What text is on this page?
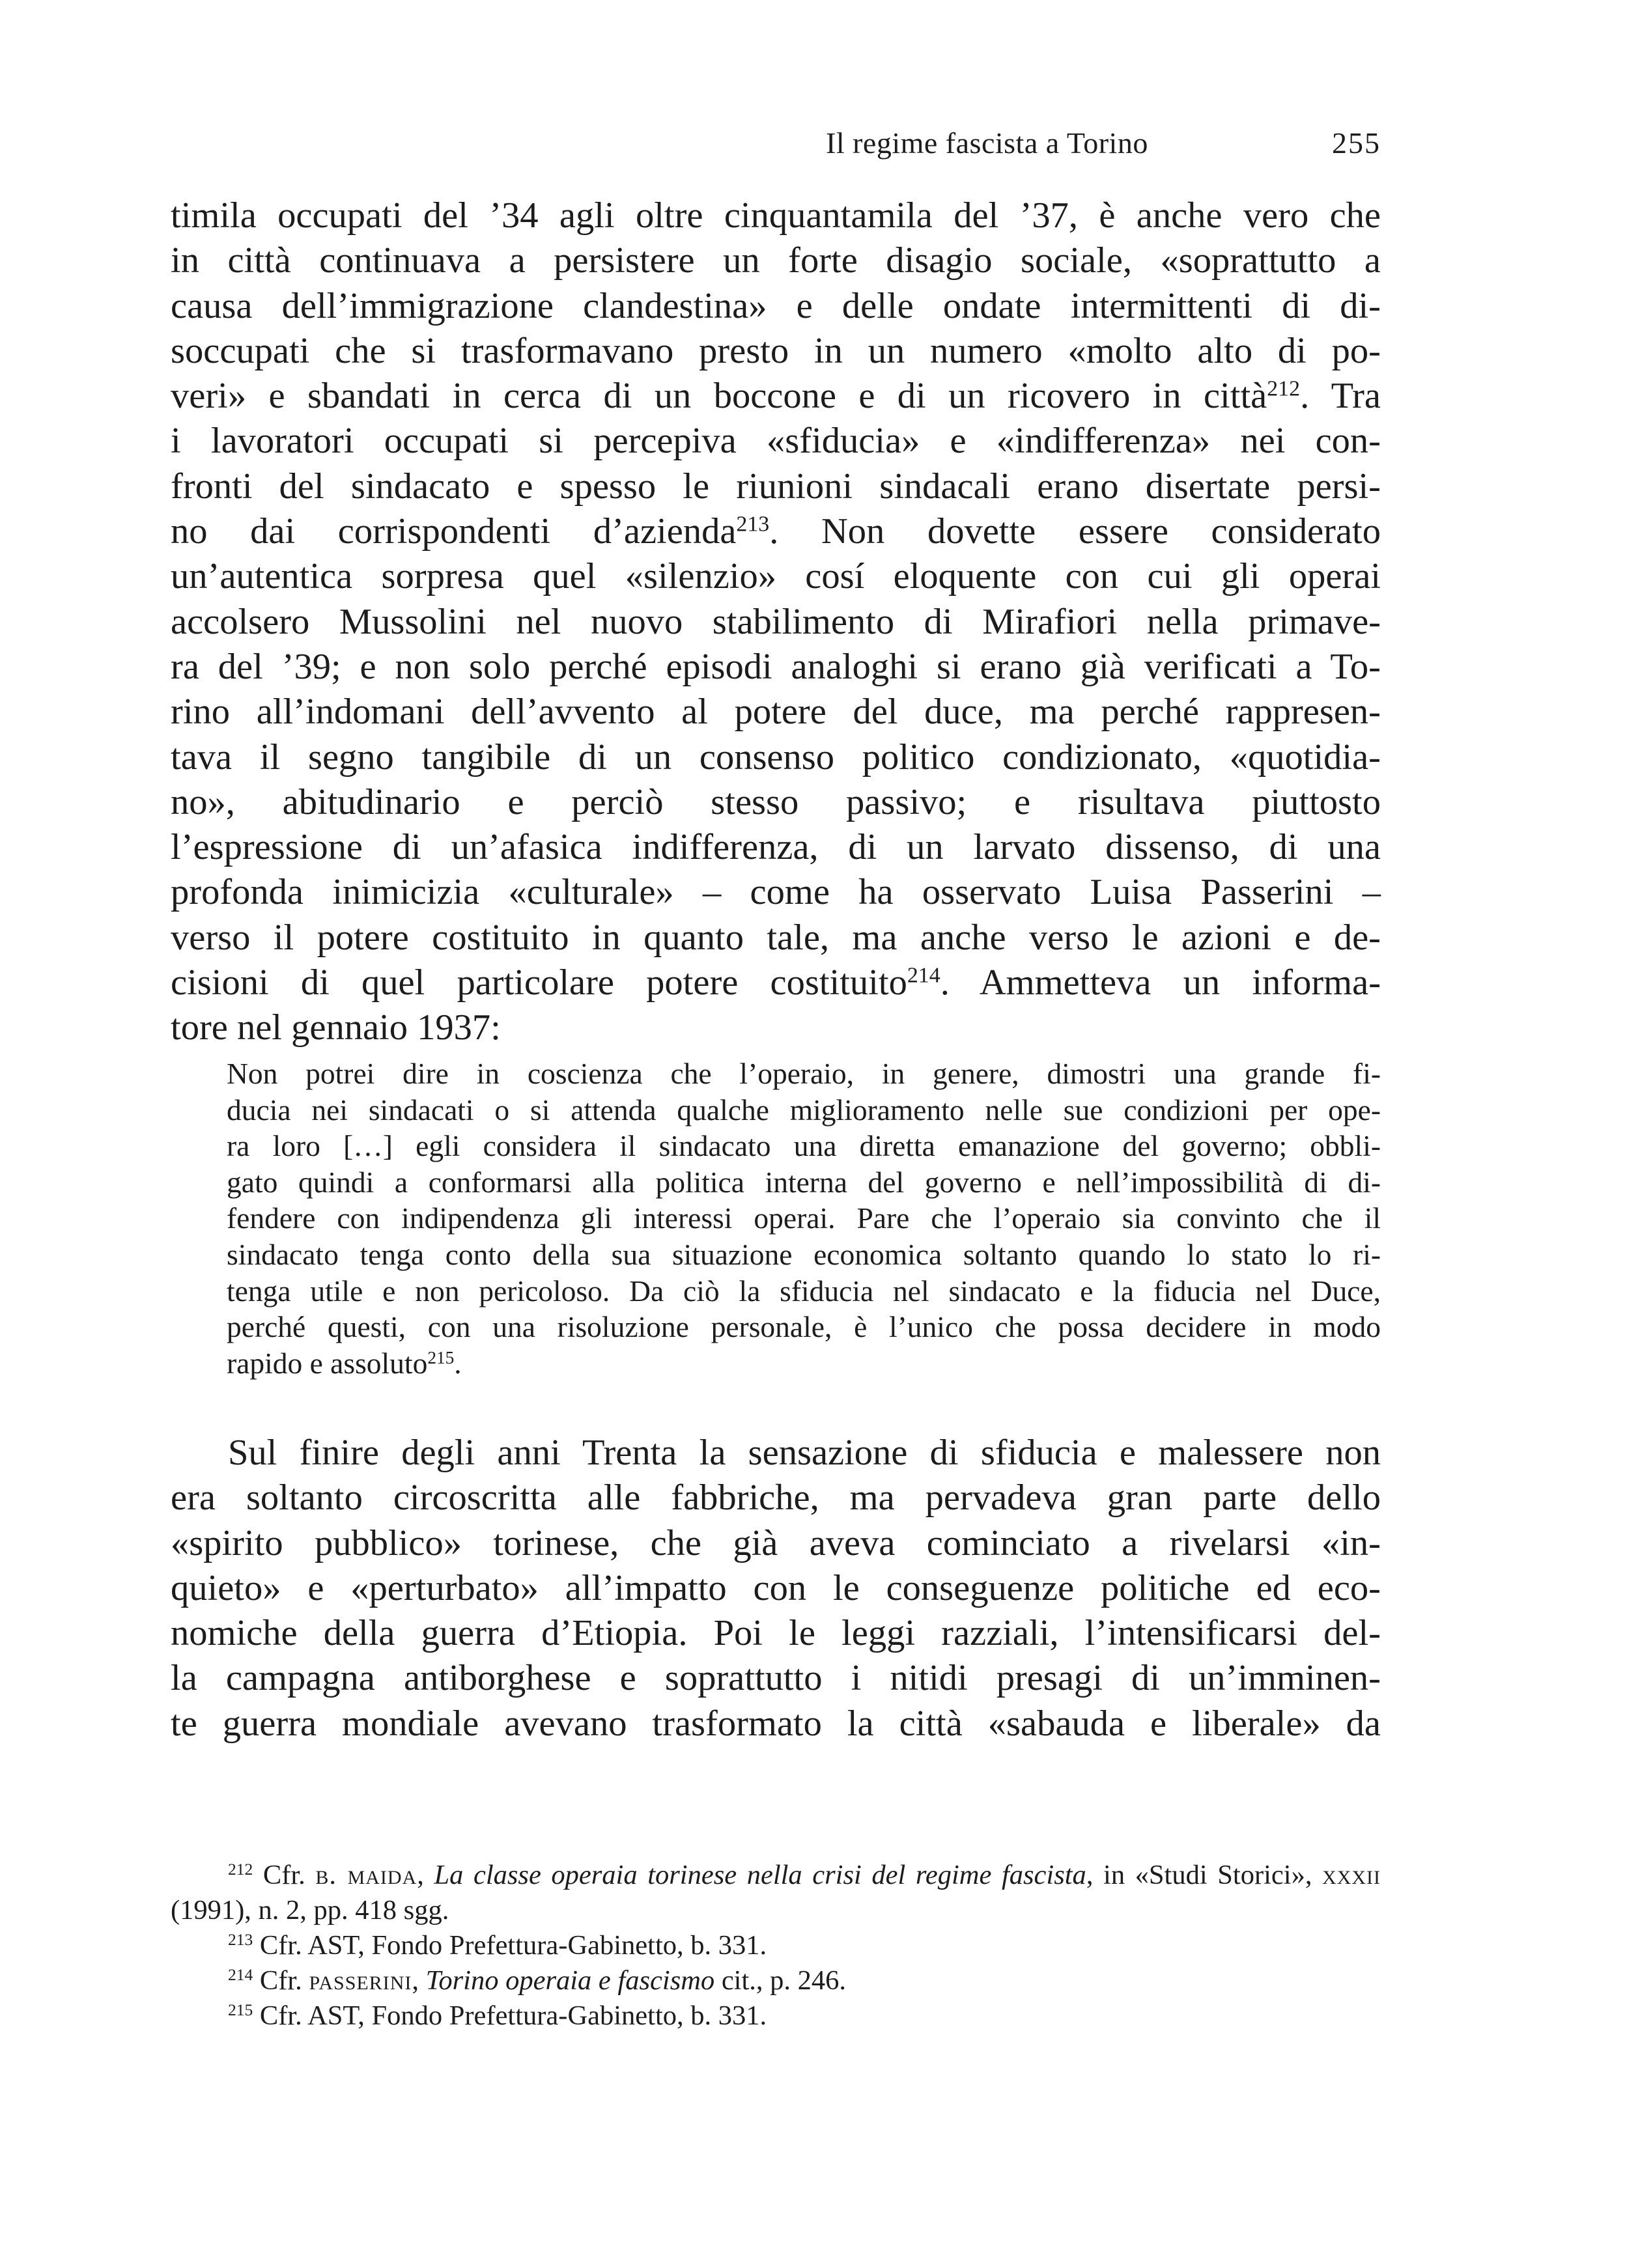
Il regime fascista a Torino	255
timila occupati del ’34 agli oltre cinquantamila del ’37, è anche vero che
in città continuava a persistere un forte disagio sociale, «soprattutto a
causa dell’immigrazione clandestina» e delle ondate intermittenti di di-
soccupati che si trasformavano presto in un numero «molto alto di po-
veri» e sbandati in cerca di un boccone e di un ricovero in città$^{212}$. Tra
i lavoratori occupati si percepiva «sfiducia» e «indifferenza» nei con-
fronti del sindacato e spesso le riunioni sindacali erano disertate persi-
no dai corrispondenti d’azienda$^{213}$. Non dovette essere considerato
un’autentica sorpresa quel «silenzio» cosí eloquente con cui gli operai
accolsero Mussolini nel nuovo stabilimento di Mirafiori nella primave-
ra del ’39; e non solo perché episodi analoghi si erano già verificati a To-
rino all’indomani dell’avvento al potere del duce, ma perché rappresen-
tava il segno tangibile di un consenso politico condizionato, «quotidia-
no», abitudinario e perciò stesso passivo; e risultava piuttosto
l’espressione di un’afasica indifferenza, di un larvato dissenso, di una
profonda inimicizia «culturale» – come ha osservato Luisa Passerini –
verso il potere costituito in quanto tale, ma anche verso le azioni e de-
cisioni di quel particolare potere costituito$^{214}$. Ammetteva un informa-
tore nel gennaio 1937:
Non potrei dire in coscienza che l’operaio, in genere, dimostri una grande fi-
ducia nei sindacati o si attenda qualche miglioramento nelle sue condizioni per ope-
ra loro […] egli considera il sindacato una diretta emanazione del governo; obbli-
gato quindi a conformarsi alla politica interna del governo e nell’impossibilità di di-
fendere con indipendenza gli interessi operai. Pare che l’operaio sia convinto che il
sindacato tenga conto della sua situazione economica soltanto quando lo stato lo ri-
tenga utile e non pericoloso. Da ciò la sfiducia nel sindacato e la fiducia nel Duce,
perché questi, con una risoluzione personale, è l’unico che possa decidere in modo
rapido e assoluto$^{215}$.
Sul finire degli anni Trenta la sensazione di sfiducia e malessere non
era soltanto circoscritta alle fabbriche, ma pervadeva gran parte dello
«spirito pubblico» torinese, che già aveva cominciato a rivelarsi «in-
quieto» e «perturbato» all’impatto con le conseguenze politiche ed eco-
nomiche della guerra d’Etiopia. Poi le leggi razziali, l’intensificarsi del-
la campagna antiborghese e soprattutto i nitidi presagi di un’imminen-
te guerra mondiale avevano trasformato la città «sabauda e liberale» da
$^{212}$ Cfr. b. maida, La classe operaia torinese nella crisi del regime fascista, in «Studi Storici», xxxii
(1991), n. 2, pp. 418 sgg.
$^{213}$ Cfr. AST, Fondo Prefettura-Gabinetto, b. 331.
$^{214}$ Cfr. passerini, Torino operaia e fascismo cit., p. 246.
$^{215}$ Cfr. AST, Fondo Prefettura-Gabinetto, b. 331.
